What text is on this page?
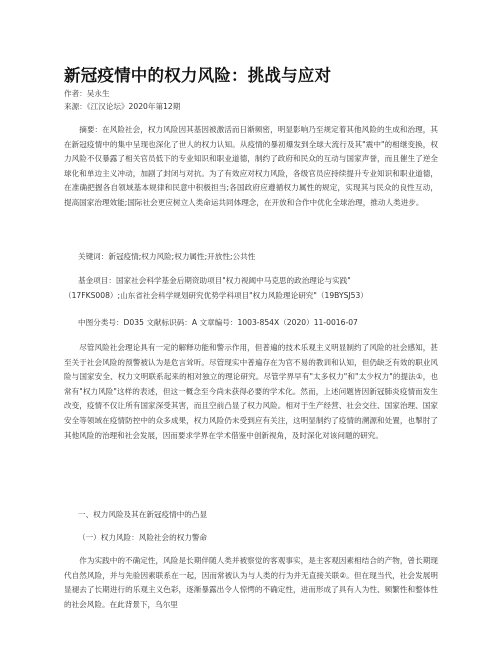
新冠疫情中的权力风险：挑战与应对
作者：吴永生
来源：《江汉论坛》2020年第12期

摘要：在风险社会，权力风险因其基因被激活而日渐频密，明显影响乃至规定着其他风险的生成和治理，其在新冠疫情中的集中呈现也深化了世人的权力认知。从疫情的暴初爆发到全球大流行及其"震中"的相继变换，权力风险不仅暴露了相关官员低下的专业知识和职业道德，制约了政府和民众的互动与国家声誉，而且催生了逆全球化和单边主义冲动，加剧了封闭与对抗。为了有效应对权力风险，各级官员应持续提升专业知识和职业道德，在准确把握各自领域基本规律和民意中积极担当;各国政府应遵循权力属性的规定，实现其与民众的良性互动，提高国家治理效能;国际社会更应树立人类命运共同体理念，在开放和合作中优化全球治理，推动人类进步。

关键词：新冠疫情;权力风险;权力属性;开放性;公共性
基金项目：国家社会科学基金后期资助项目"权力视阈中马克思的政治理论与实践"
（17FKS008）;山东省社会科学规划研究优势学科项目"权力风险理论研究"（19BYSJ53）
中图分类号：D035 文献标识码：A 文章编号：1003-854X（2020）11-0016-07

尽管风险社会理论具有一定的解释功能和警示作用，但普遍的技术乐观主义明显制约了风险的社会感知，甚至关于社会风险的预警被认为是危言耸听。尽管现实中普遍存在为官不易的教训和认知，但仍缺乏有效的职业风险与国家安全、权力文明联系起来的相对独立的理论研究。尽管学界早有"太多权力"和"太少权力"的提法①，也常有"权力风险"这样的表述，但这一概念至今尚未获得必要的学术化。然而，上述问题皆因新冠肺炎疫情而发生改变，疫情不仅让所有国家深受其害，而且空前凸显了权力风险。相对于生产经营、社会交往、国家治理、国家安全等领域在疫情防控中的众多成果，权力风险仍未受到应有关注，这明显制约了疫情的溯源和处置，也掣肘了其他风险的治理和社会发展，因而要求学界在学术借鉴中创新视角，及时深化对该问题的研究。

一、权力风险及其在新冠疫情中的凸显
（一）权力风险：风险社会的权力警命

作为实践中的不确定性，风险是长期伴随人类并被察觉的客观事实，是主客观因素相结合的产物，曾长期现代自然风险，并与先验因素联系在一起，因而常被认为与人类的行为并无直接关联②。但在现当代，社会发展明显褪去了长期进行的乐观主义色彩，逐渐暴露出令人惊愕的不确定性，进而形成了具有人为性、频繁性和整体性的社会风险。在此背景下，乌尔里
